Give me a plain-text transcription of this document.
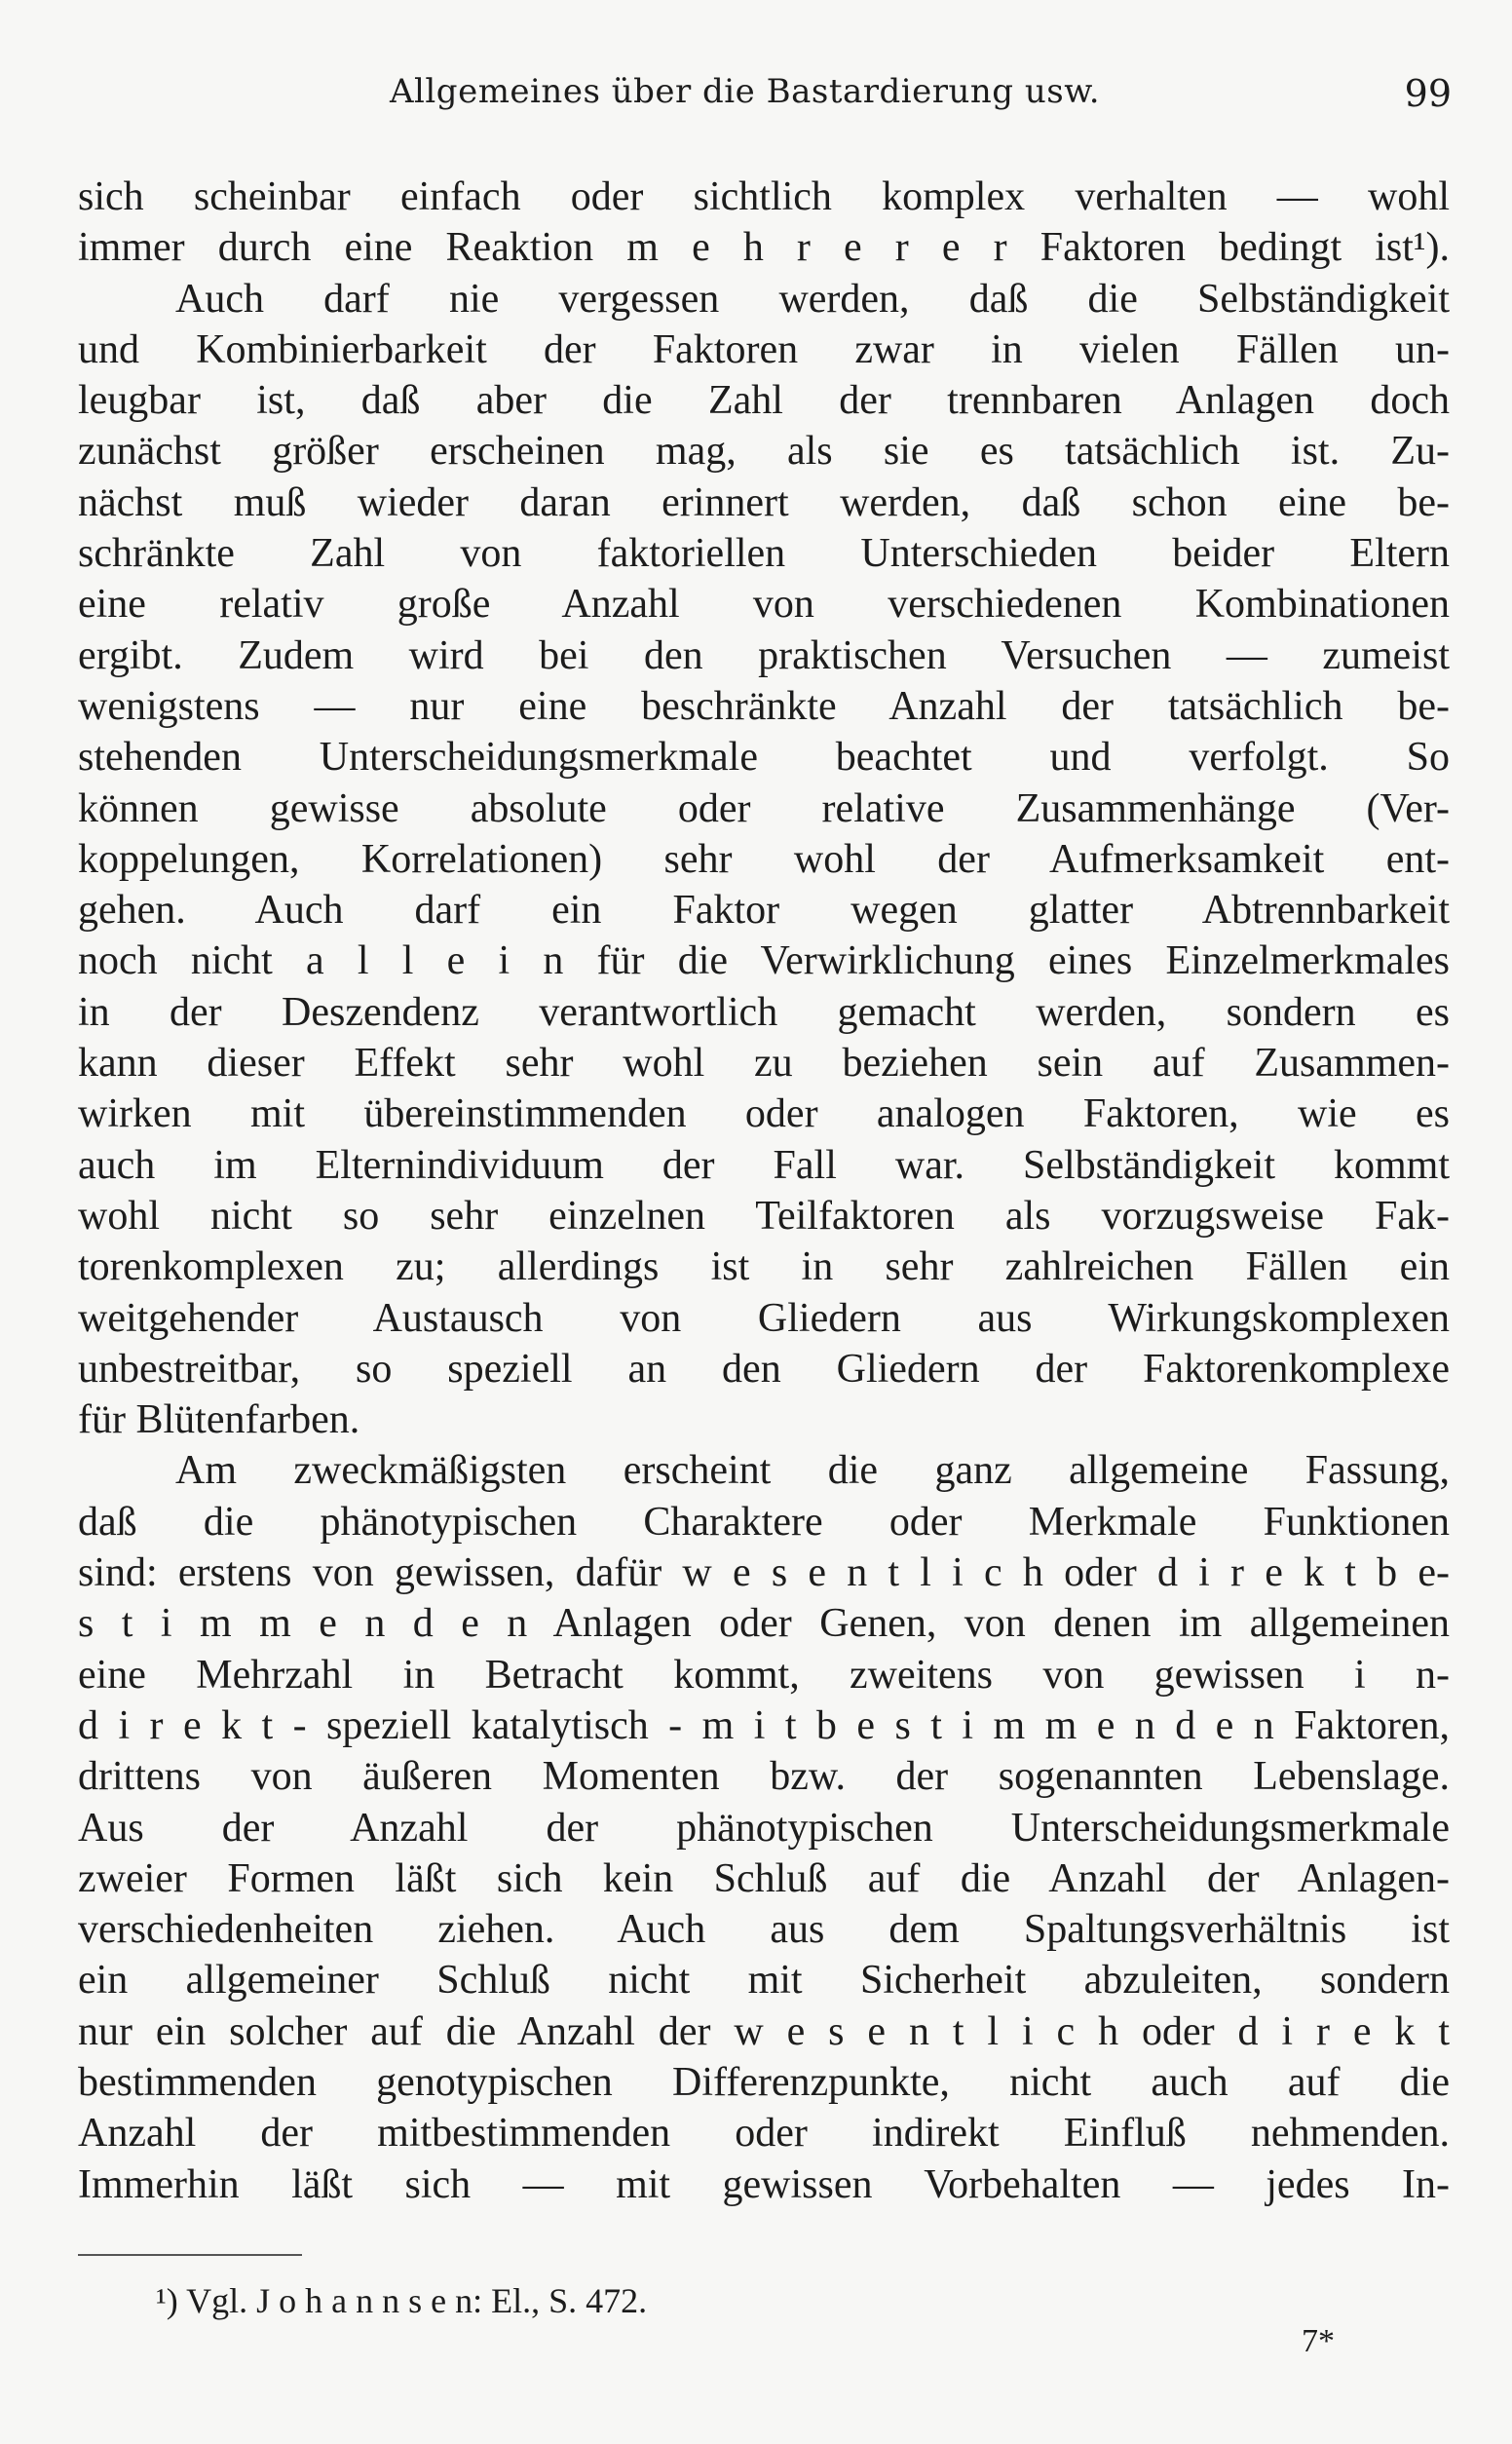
Allgemeines über die Bastardierung usw.	99
sich scheinbar einfach oder sichtlich komplex verhalten — wohl
immer durch eine Reaktion m e h r e r e r Faktoren bedingt ist¹).
Auch darf nie vergessen werden, daß die Selbständigkeit
und Kombinierbarkeit der Faktoren zwar in vielen Fällen un-
leugbar ist, daß aber die Zahl der trennbaren Anlagen doch
zunächst größer erscheinen mag, als sie es tatsächlich ist. Zu-
nächst muß wieder daran erinnert werden, daß schon eine be-
schränkte Zahl von faktoriellen Unterschieden beider Eltern
eine relativ große Anzahl von verschiedenen Kombinationen
ergibt. Zudem wird bei den praktischen Versuchen — zumeist
wenigstens — nur eine beschränkte Anzahl der tatsächlich be-
stehenden Unterscheidungsmerkmale beachtet und verfolgt. So
können gewisse absolute oder relative Zusammenhänge (Ver-
koppelungen, Korrelationen) sehr wohl der Aufmerksamkeit ent-
gehen. Auch darf ein Faktor wegen glatter Abtrennbarkeit
noch nicht a l l e i n für die Verwirklichung eines Einzelmerkmales
in der Deszendenz verantwortlich gemacht werden, sondern es
kann dieser Effekt sehr wohl zu beziehen sein auf Zusammen-
wirken mit übereinstimmenden oder analogen Faktoren, wie es
auch im Elternindividuum der Fall war. Selbständigkeit kommt
wohl nicht so sehr einzelnen Teilfaktoren als vorzugsweise Fak-
torenkomplexen zu; allerdings ist in sehr zahlreichen Fällen ein
weitgehender Austausch von Gliedern aus Wirkungskomplexen
unbestreitbar, so speziell an den Gliedern der Faktorenkomplexe
für Blütenfarben.
Am zweckmäßigsten erscheint die ganz allgemeine Fassung,
daß die phänotypischen Charaktere oder Merkmale Funktionen
sind: erstens von gewissen, dafür w e s e n t l i c h oder d i r e k t b e-
s t i m m e n d e n Anlagen oder Genen, von denen im allgemeinen
eine Mehrzahl in Betracht kommt, zweitens von gewissen i n-
d i r e k t - speziell katalytisch - m i t b e s t i m m e n d e n Faktoren,
drittens von äußeren Momenten bzw. der sogenannten Lebenslage.
Aus der Anzahl der phänotypischen Unterscheidungsmerkmale
zweier Formen läßt sich kein Schluß auf die Anzahl der Anlagen-
verschiedenheiten ziehen. Auch aus dem Spaltungsverhältnis ist
ein allgemeiner Schluß nicht mit Sicherheit abzuleiten, sondern
nur ein solcher auf die Anzahl der w e s e n t l i c h oder d i r e k t
bestimmenden genotypischen Differenzpunkte, nicht auch auf die
Anzahl der mitbestimmenden oder indirekt Einfluß nehmenden.
Immerhin läßt sich — mit gewissen Vorbehalten — jedes In-
¹) Vgl. J o h a n n s e n: El., S. 472.
7*
